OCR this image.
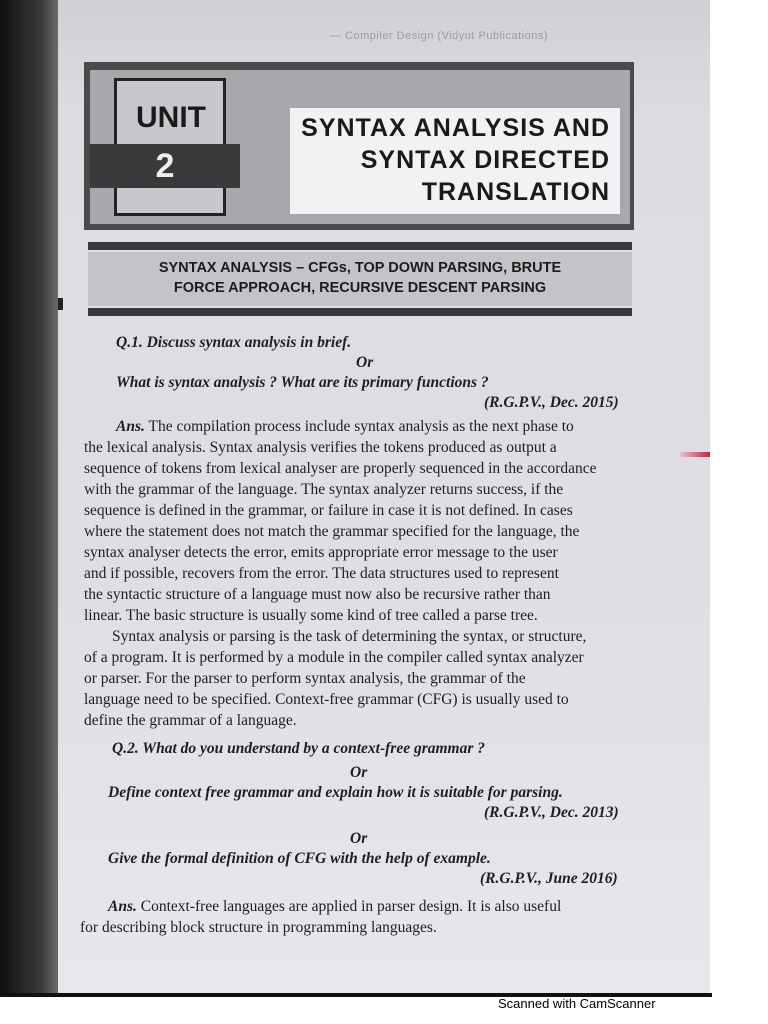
— Compiler Design (Vidyut Publications)
UNIT
2
SYNTAX ANALYSIS AND
SYNTAX DIRECTED
TRANSLATION
SYNTAX ANALYSIS – CFGs, TOP DOWN PARSING, BRUTE
FORCE APPROACH, RECURSIVE DESCENT PARSING
Q.1. Discuss syntax analysis in brief.
Or
What is syntax analysis ? What are its primary functions ?
(R.G.P.V., Dec. 2015)
Ans. The compilation process include syntax analysis as the next phase to
the lexical analysis. Syntax analysis verifies the tokens produced as output a
sequence of tokens from lexical analyser are properly sequenced in the accordance
with the grammar of the language. The syntax analyzer returns success, if the
sequence is defined in the grammar, or failure in case it is not defined. In cases
where the statement does not match the grammar specified for the language, the
syntax analyser detects the error, emits appropriate error message to the user
and if possible, recovers from the error. The data structures used to represent
the syntactic structure of a language must now also be recursive rather than
linear. The basic structure is usually some kind of tree called a parse tree.
Syntax analysis or parsing is the task of determining the syntax, or structure,
of a program. It is performed by a module in the compiler called syntax analyzer
or parser. For the parser to perform syntax analysis, the grammar of the
language need to be specified. Context-free grammar (CFG) is usually used to
define the grammar of a language.
Q.2. What do you understand by a context-free grammar ?
Or
Define context free grammar and explain how it is suitable for parsing.
(R.G.P.V., Dec. 2013)
Or
Give the formal definition of CFG with the help of example.
(R.G.P.V., June 2016)
Ans. Context-free languages are applied in parser design. It is also useful
for describing block structure in programming languages.
Scanned with CamScanner
